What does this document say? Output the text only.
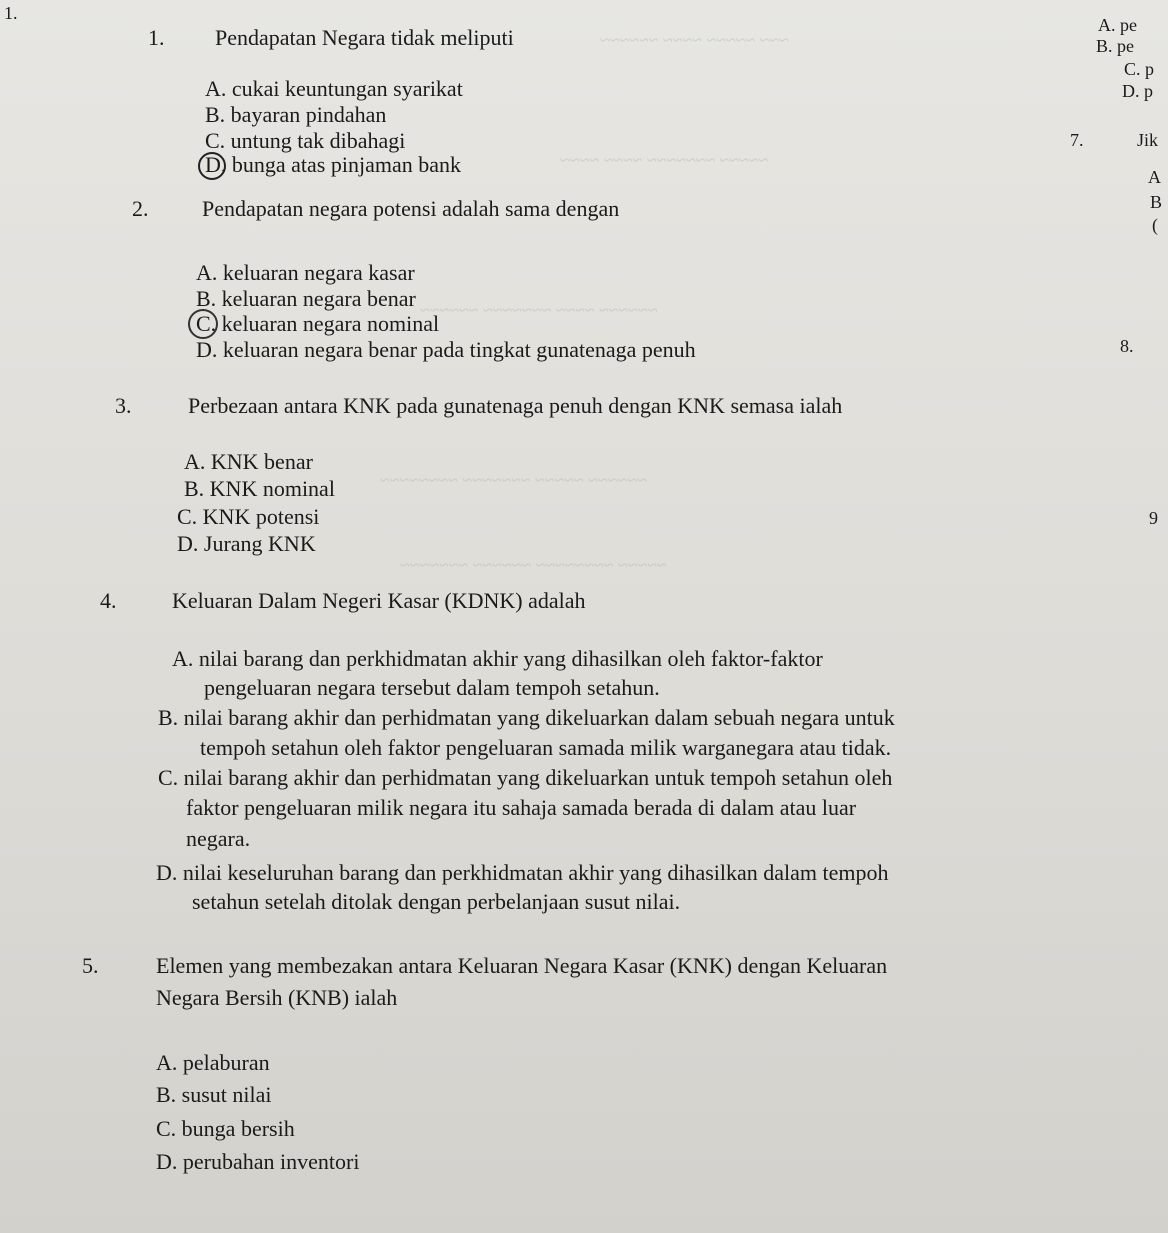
~~~ ~~~~~ ~~~~ ~~~~~~
~~~~~ ~~~~~~~ ~~~~ ~~~~
~~~~~~ ~~~~ ~~~~~~~ ~~~~~~
~~~~~~ ~~~~~ ~~~~~~~ ~~~~~~~~
~~~~~ ~~~~~~~~ ~~~~~~ ~~~~~~~
1.
1. Pendapatan Negara tidak meliputi
A. cukai keuntungan syarikat
B. bayaran pindahan
C. untung tak dibahagi
D. bunga atas pinjaman bank
2. Pendapatan negara potensi adalah sama dengan
A. keluaran negara kasar
B. keluaran negara benar
C. keluaran negara nominal
D. keluaran negara benar pada tingkat gunatenaga penuh
3.	Perbezaan antara KNK pada gunatenaga penuh dengan KNK semasa ialah
A. KNK benar
B. KNK nominal
C. KNK potensi
D. Jurang KNK
4.	Keluaran Dalam Negeri Kasar (KDNK) adalah
A. nilai barang dan perkhidmatan akhir yang dihasilkan oleh faktor-faktor
pengeluaran negara tersebut dalam tempoh setahun.
B. nilai barang akhir dan perhidmatan yang dikeluarkan dalam sebuah negara untuk
tempoh setahun oleh faktor pengeluaran samada milik warganegara atau tidak.
C. nilai barang akhir dan perhidmatan yang dikeluarkan untuk tempoh setahun oleh
faktor pengeluaran milik negara itu sahaja samada berada di dalam atau luar
negara.
D. nilai keseluruhan barang dan perkhidmatan akhir yang dihasilkan dalam tempoh
setahun setelah ditolak dengan perbelanjaan susut nilai.
5.	Elemen yang membezakan antara Keluaran Negara Kasar (KNK) dengan Keluaran
Negara Bersih (KNB) ialah
A. pelaburan
B. susut nilai
C. bunga bersih
D. perubahan inventori
A. pe
B. pe
C. p
D. p
7.	Jik
A
B
(
8.
9
